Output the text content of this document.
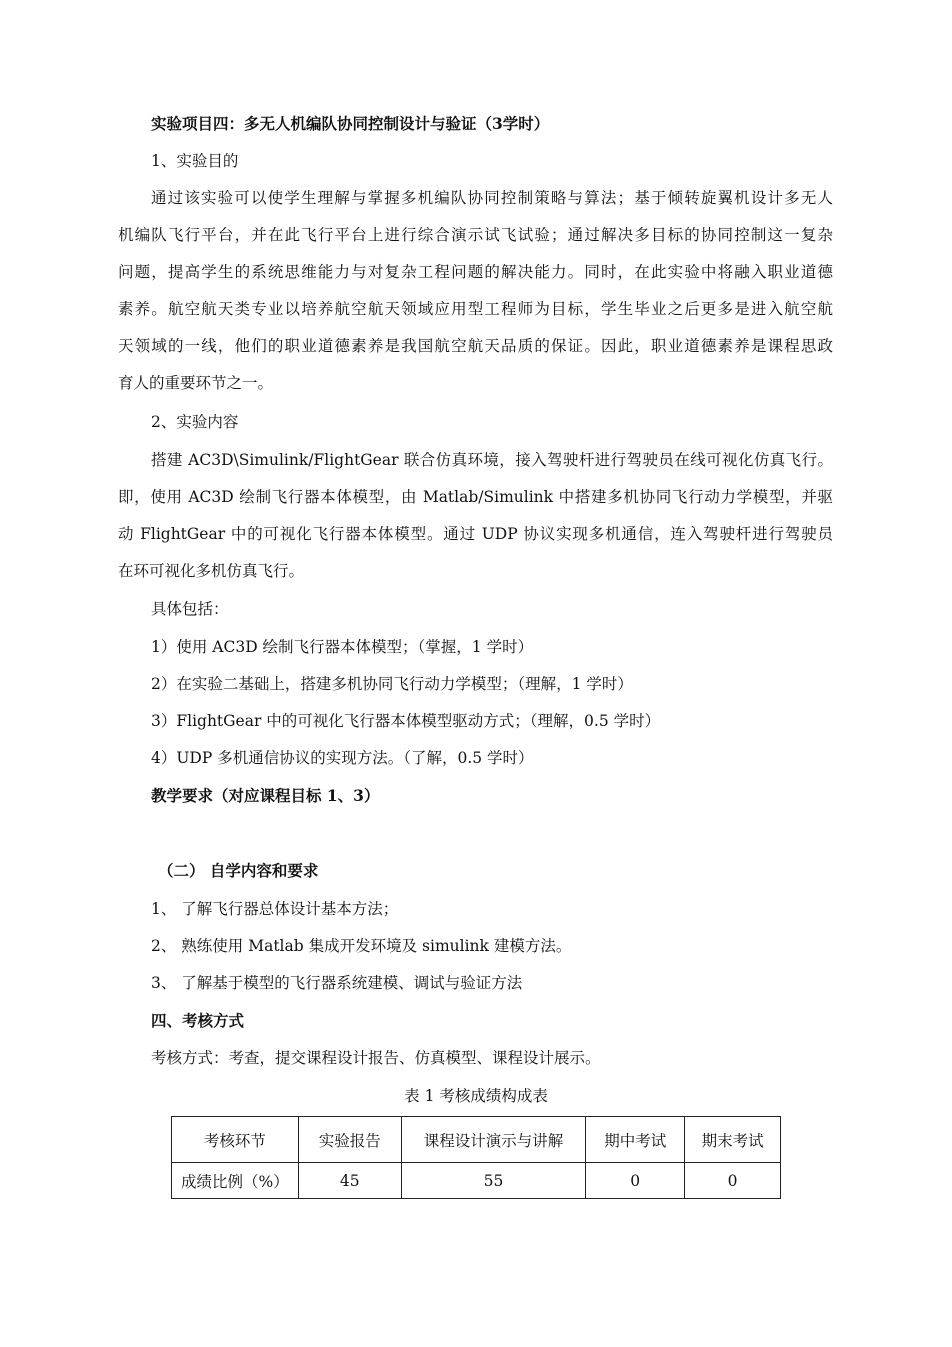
实验项目四：多无人机编队协同控制设计与验证（3学时）
1、实验目的
通过该实验可以使学生理解与掌握多机编队协同控制策略与算法；基于倾转旋翼机设计多无人
机编队飞行平台，并在此飞行平台上进行综合演示试飞试验；通过解决多目标的协同控制这一复杂
问题，提高学生的系统思维能力与对复杂工程问题的解决能力。同时，在此实验中将融入职业道德
素养。航空航天类专业以培养航空航天领域应用型工程师为目标，学生毕业之后更多是进入航空航
天领域的一线，他们的职业道德素养是我国航空航天品质的保证。因此，职业道德素养是课程思政
育人的重要环节之一。
2、实验内容
搭建 AC3D\Simulink/FlightGear 联合仿真环境，接入驾驶杆进行驾驶员在线可视化仿真飞行。
即，使用 AC3D 绘制飞行器本体模型，由 Matlab/Simulink 中搭建多机协同飞行动力学模型，并驱
动 FlightGear 中的可视化飞行器本体模型。通过 UDP 协议实现多机通信，连入驾驶杆进行驾驶员
在环可视化多机仿真飞行。
具体包括：
1）使用 AC3D 绘制飞行器本体模型；（掌握，1 学时）
2）在实验二基础上，搭建多机协同飞行动力学模型；（理解，1 学时）
3）FlightGear 中的可视化飞行器本体模型驱动方式；（理解，0.5 学时）
4）UDP 多机通信协议的实现方法。（了解，0.5 学时）
教学要求（对应课程目标 1、3）
（二） 自学内容和要求
1、 了解飞行器总体设计基本方法；
2、 熟练使用 Matlab 集成开发环境及 simulink 建模方法。
3、 了解基于模型的飞行器系统建模、调试与验证方法
四、考核方式
考核方式：考查，提交课程设计报告、仿真模型、课程设计展示。
表 1 考核成绩构成表
考核环节	实验报告	课程设计演示与讲解	期中考试	期末考试
成绩比例（%）	45	55	0	0
